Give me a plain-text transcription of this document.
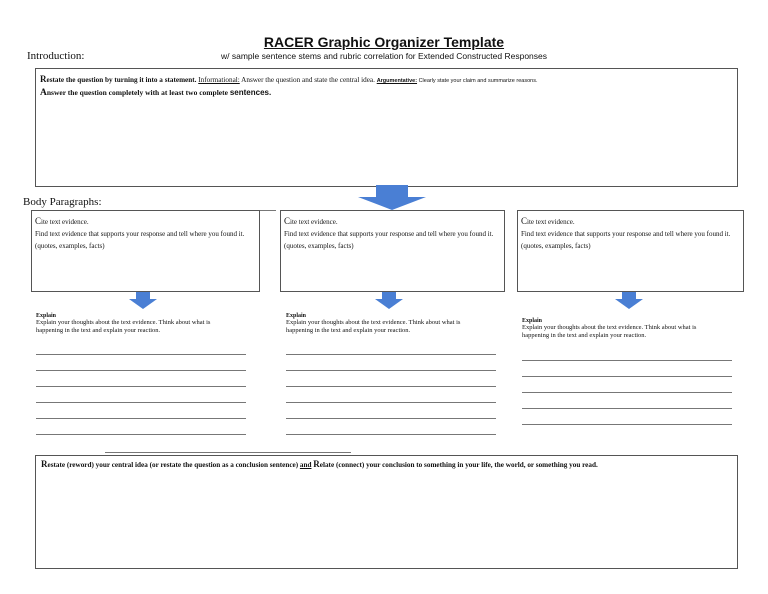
RACER Graphic Organizer Template
w/ sample sentence stems and rubric correlation for Extended Constructed Responses
Introduction:
Restate the question by turning it into a statement. Informational: Answer the question and state the central idea. Argumentative: Clearly state your claim and summarize reasons.
Answer the question completely with at least two complete sentences.
Body Paragraphs:
Cite text evidence.
Find text evidence that supports your response and tell where you found it.
(quotes, examples, facts)
Explain
Explain your thoughts about the text evidence. Think about what is
happening in the text and explain your reaction.
Cite text evidence.
Find text evidence that supports your response and tell where you found it.
(quotes, examples, facts)
Explain
Explain your thoughts about the text evidence. Think about what is
happening in the text and explain your reaction.
Cite text evidence.
Find text evidence that supports your response and tell where you found it.
(quotes, examples, facts)
Explain
Explain your thoughts about the text evidence. Think about what is
happening in the text and explain your reaction.
Restate (reword) your central idea (or restate the question as a conclusion sentence) and Relate (connect) your conclusion to something in your life, the world, or something you read.
